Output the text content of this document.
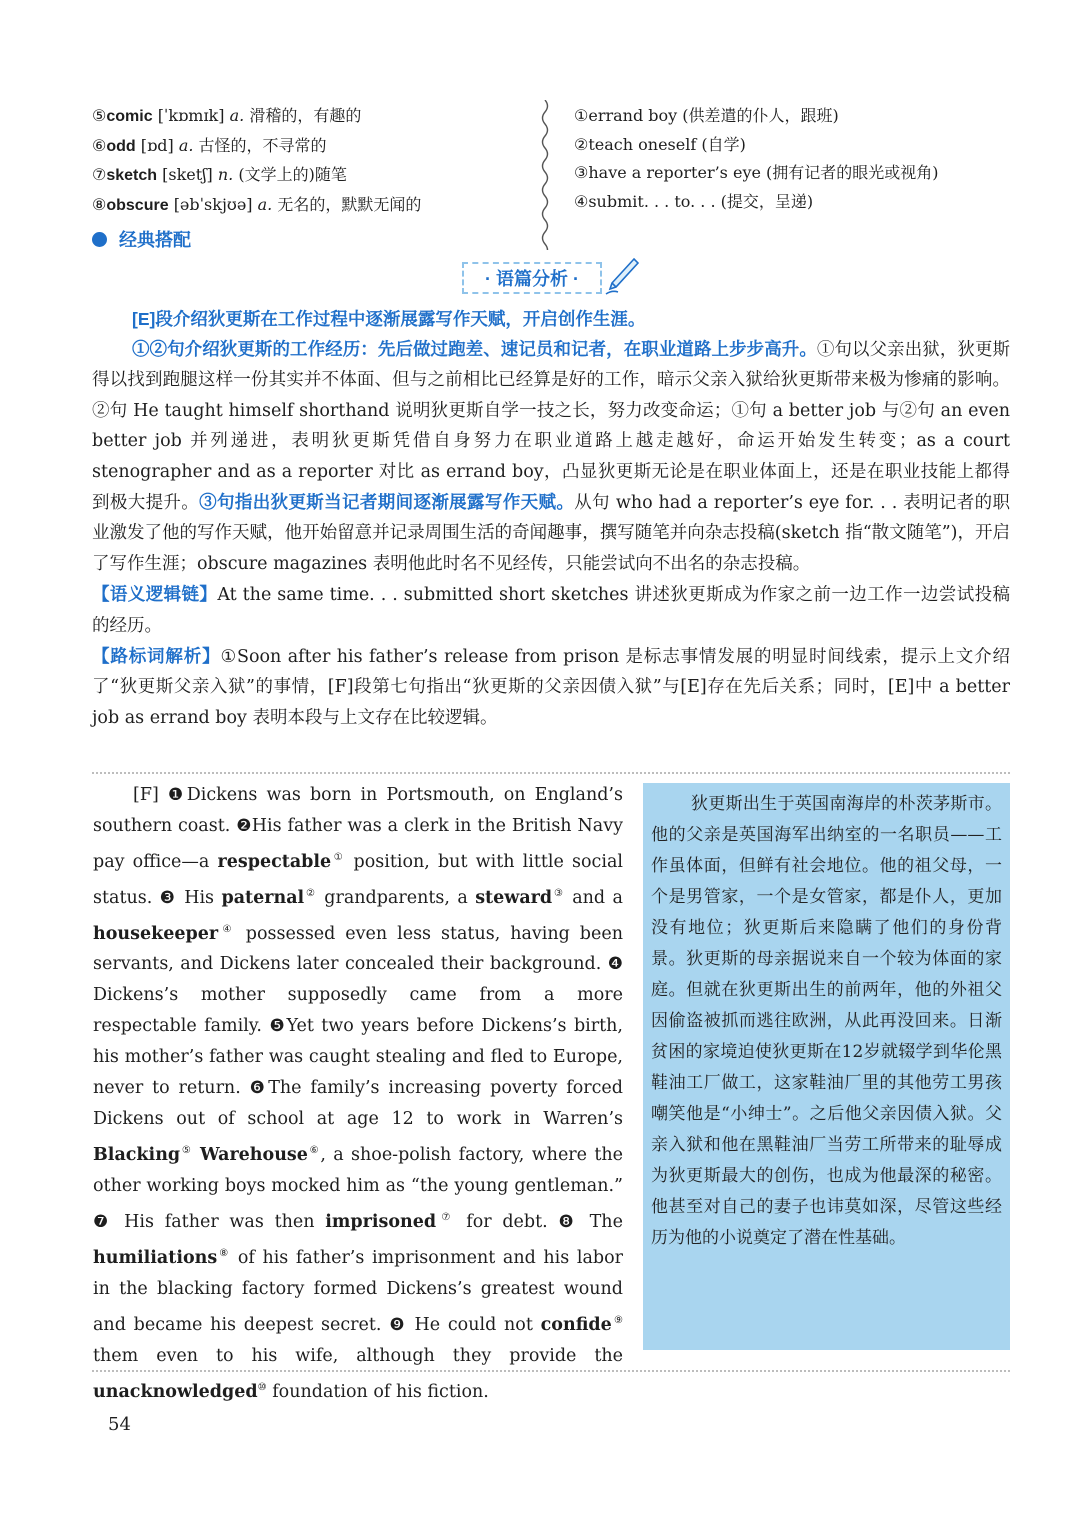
⑤comic [ˈkɒmɪk] a. 滑稽的，有趣的
⑥odd [ɒd] a. 古怪的，不寻常的
⑦sketch [sketʃ] n. (文学上的)随笔
⑧obscure [əbˈskjʊə] a. 无名的，默默无闻的
①errand boy (供差遣的仆人，跟班)
②teach oneself (自学)
③have a reporter’s eye (拥有记者的眼光或视角)
④submit. . . to. . . (提交，呈递)
经典搭配
· 语篇分析 ·
[E]段介绍狄更斯在工作过程中逐渐展露写作天赋，开启创作生涯。

①②句介绍狄更斯的工作经历：先后做过跑差、速记员和记者，在职业道路上步步高升。①句以父亲出狱，狄更斯得以找到跑腿这样一份其实并不体面、但与之前相比已经算是好的工作，暗示父亲入狱给狄更斯带来极为惨痛的影响。②句 He taught himself shorthand 说明狄更斯自学一技之长，努力改变命运；①句 a better job 与②句 an even better job 并列递进，表明狄更斯凭借自身努力在职业道路上越走越好，命运开始发生转变；as a court stenographer and as a reporter 对比 as errand boy，凸显狄更斯无论是在职业体面上，还是在职业技能上都得到极大提升。③句指出狄更斯当记者期间逐渐展露写作天赋。从句 who had a reporter’s eye for. . . 表明记者的职业激发了他的写作天赋，他开始留意并记录周围生活的奇闻趣事，撰写随笔并向杂志投稿(sketch 指“散文随笔”)，开启了写作生涯；obscure magazines 表明他此时名不见经传，只能尝试向不出名的杂志投稿。

【语义逻辑链】At the same time. . . submitted short sketches 讲述狄更斯成为作家之前一边工作一边尝试投稿的经历。

【路标词解析】①Soon after his father’s release from prison 是标志事情发展的明显时间线索，提示上文介绍了“狄更斯父亲入狱”的事情，[F]段第七句指出“狄更斯的父亲因债入狱”与[E]存在先后关系；同时，[E]中 a better job as errand boy 表明本段与上文存在比较逻辑。

[F] ❶Dickens was born in Portsmouth, on England’s southern coast. ❷His father was a clerk in the British Navy pay office—a respectable① position, but with little social status. ❸ His paternal② grandparents, a steward③ and a housekeeper④ possessed even less status, having been servants, and Dickens later concealed their background. ❹ Dickens’s mother supposedly came from a more respectable family. ❺Yet two years before Dickens’s birth, his mother’s father was caught stealing and fled to Europe, never to return. ❻The family’s increasing poverty forced Dickens out of school at age 12 to work in Warren’s Blacking⑤ Warehouse⑥, a shoe-polish factory, where the other working boys mocked him as “the young gentleman.” ❼ His father was then imprisoned⑦ for debt. ❽ The humiliations⑧ of his father’s imprisonment and his labor in the blacking factory formed Dickens’s greatest wound and became his deepest secret. ❾ He could not confide⑨ them even to his wife, although they provide the unacknowledged⑩ foundation of his fiction.

狄更斯出生于英国南海岸的朴茨茅斯市。他的父亲是英国海军出纳室的一名职员——工作虽体面，但鲜有社会地位。他的祖父母，一个是男管家，一个是女管家，都是仆人，更加没有地位；狄更斯后来隐瞒了他们的身份背景。狄更斯的母亲据说来自一个较为体面的家庭。但就在狄更斯出生的前两年，他的外祖父因偷盗被抓而逃往欧洲，从此再没回来。日渐贫困的家境迫使狄更斯在12岁就辍学到华伦黑鞋油工厂做工，这家鞋油厂里的其他劳工男孩嘲笑他是“小绅士”。之后他父亲因债入狱。父亲入狱和他在黑鞋油厂当劳工所带来的耻辱成为狄更斯最大的创伤，也成为他最深的秘密。他甚至对自己的妻子也讳莫如深，尽管这些经历为他的小说奠定了潜在性基础。

54
